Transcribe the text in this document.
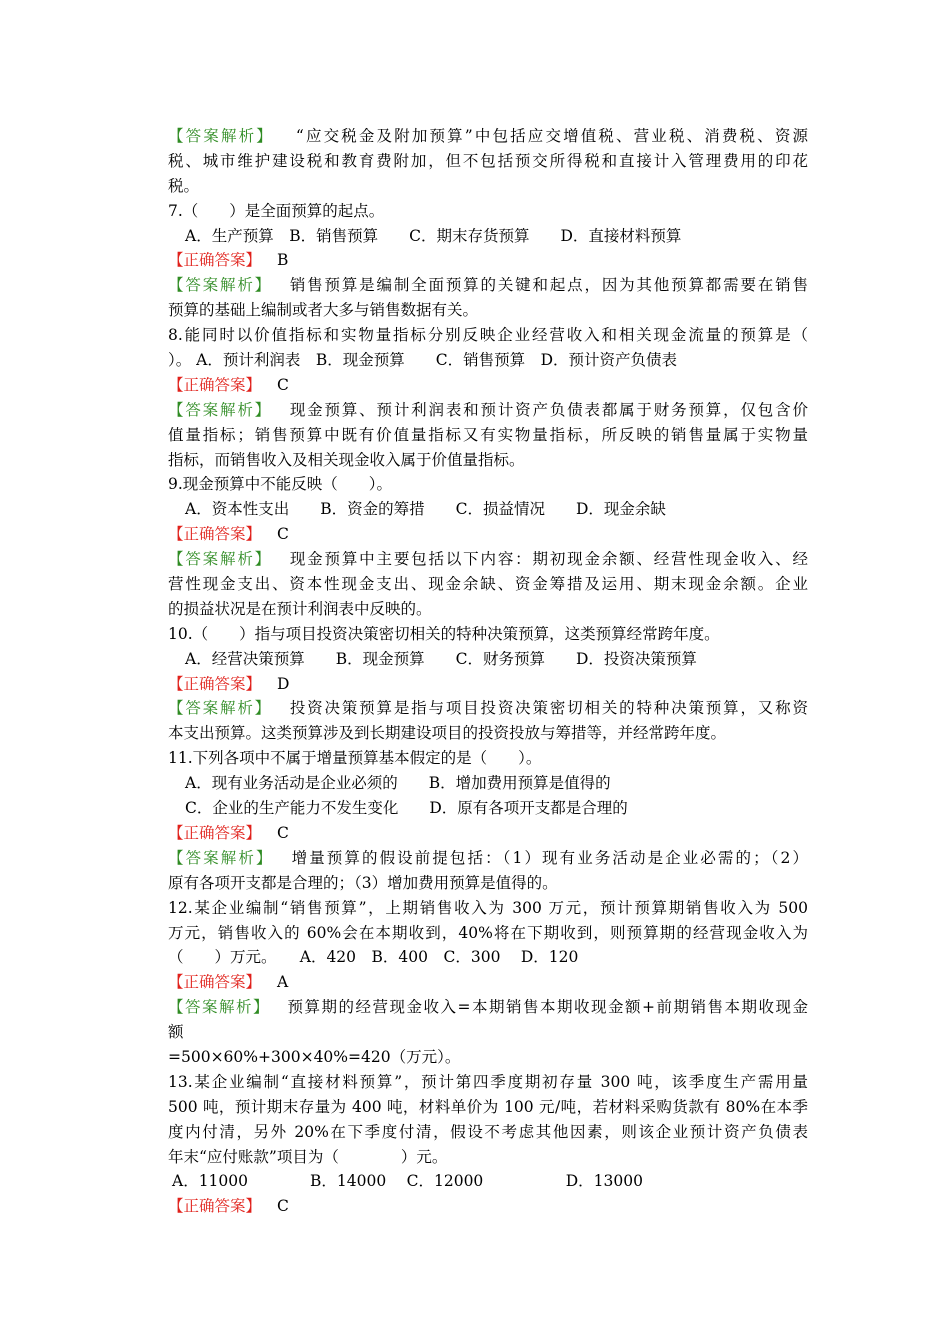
【答案解析】 “应交税金及附加预算”中包括应交增值税、营业税、消费税、资源
税、城市维护建设税和教育费附加，但不包括预交所得税和直接计入管理费用的印花
税。
7.（　　）是全面预算的起点。
A．生产预算　B．销售预算　　C．期末存货预算　　D．直接材料预算
【正确答案】 B
【答案解析】 销售预算是编制全面预算的关键和起点，因为其他预算都需要在销售
预算的基础上编制或者大多与销售数据有关。
8.能同时以价值指标和实物量指标分别反映企业经营收入和相关现金流量的预算是（
）。 A．预计利润表　B．现金预算　　C．销售预算　D．预计资产负债表
【正确答案】 C
【答案解析】 现金预算、预计利润表和预计资产负债表都属于财务预算，仅包含价
值量指标；销售预算中既有价值量指标又有实物量指标，所反映的销售量属于实物量
指标，而销售收入及相关现金收入属于价值量指标。
9.现金预算中不能反映（　　）。
A．资本性支出　　B．资金的筹措　　C．损益情况　　D．现金余缺
【正确答案】 C
【答案解析】 现金预算中主要包括以下内容：期初现金余额、经营性现金收入、经
营性现金支出、资本性现金支出、现金余缺、资金筹措及运用、期末现金余额。企业
的损益状况是在预计利润表中反映的。
10.（　　）指与项目投资决策密切相关的特种决策预算，这类预算经常跨年度。
A．经营决策预算　　B．现金预算　　C．财务预算　　D．投资决策预算
【正确答案】 D
【答案解析】 投资决策预算是指与项目投资决策密切相关的特种决策预算，又称资
本支出预算。这类预算涉及到长期建设项目的投资投放与筹措等，并经常跨年度。
11.下列各项中不属于增量预算基本假定的是（　　）。
A．现有业务活动是企业必须的　　B．增加费用预算是值得的
C．企业的生产能力不发生变化　　D．原有各项开支都是合理的
【正确答案】 C
【答案解析】 增量预算的假设前提包括：（1）现有业务活动是企业必需的；（2）
原有各项开支都是合理的；（3）增加费用预算是值得的。
12.某企业编制“销售预算”，上期销售收入为 300 万元，预计预算期销售收入为 500
万元，销售收入的 60%会在本期收到，40%将在下期收到，则预算期的经营现金收入为
（　　）万元。　　A．420　B．400　C．300　 D．120
【正确答案】 A
【答案解析】 预算期的经营现金收入=本期销售本期收现金额+前期销售本期收现金
额
=500×60%+300×40%=420（万元）。
13.某企业编制“直接材料预算”，预计第四季度期初存量 300 吨，该季度生产需用量
500 吨，预计期末存量为 400 吨，材料单价为 100 元/吨，若材料采购货款有 80%在本季
度内付清，另外 20%在下季度付清，假设不考虑其他因素，则该企业预计资产负债表
年末“应付账款”项目为（　　　　）元。
A．11000　　　　B．14000　 C．12000　　　　　 D．13000
【正确答案】 C
